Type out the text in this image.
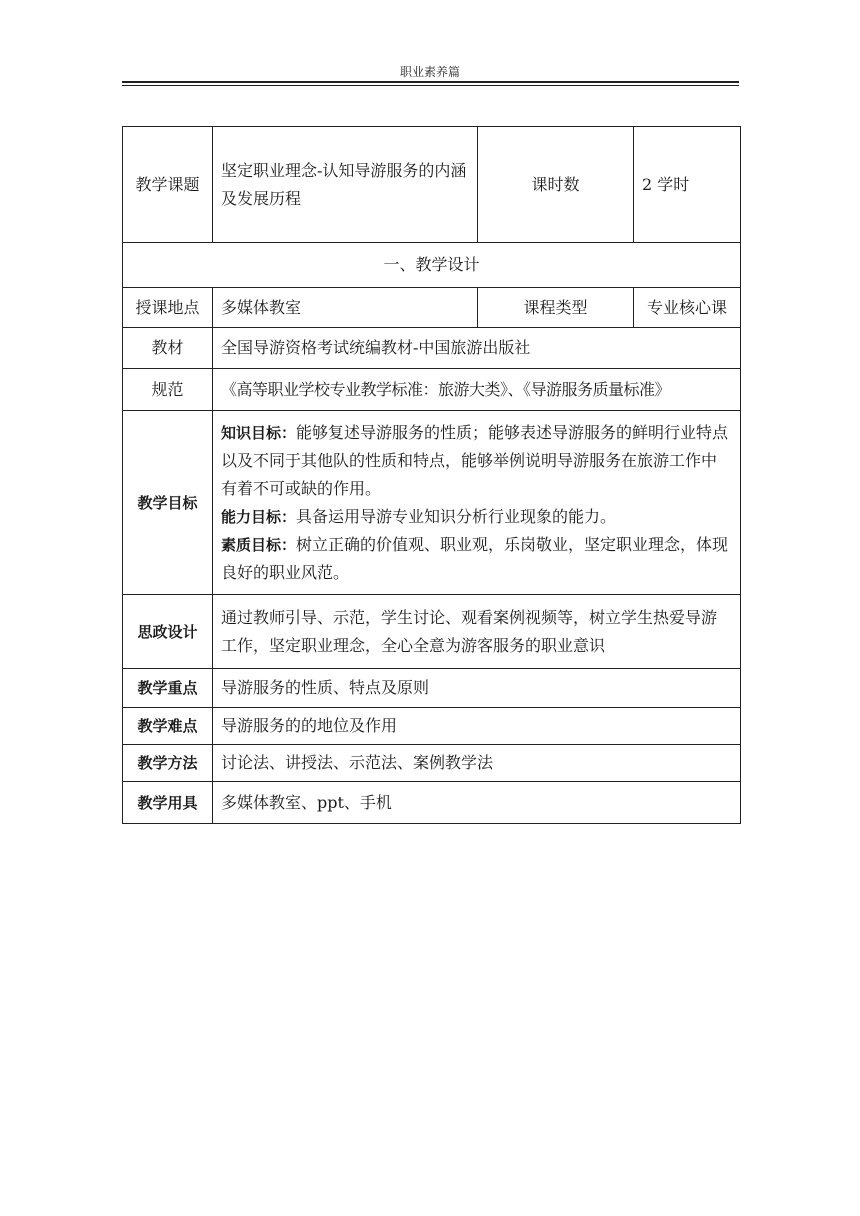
职业素养篇
教学课题	坚定职业理念-认知导游服务的内涵及发展历程	课时数	2 学时
一、教学设计			
授课地点	多媒体教室	课程类型	专业核心课
教材	全国导游资格考试统编教材-中国旅游出版社		
规范	《高等职业学校专业教学标准：旅游大类》、《导游服务质量标准》		
教学目标	知识目标：能够复述导游服务的性质；能够表述导游服务的鲜明行业特点以及不同于其他队的性质和特点，能够举例说明导游服务在旅游工作中有着不可或缺的作用。
能力目标：具备运用导游专业知识分析行业现象的能力。
素质目标：树立正确的价值观、职业观，乐岗敬业，坚定职业理念，体现良好的职业风范。		

思政设计	通过教师引导、示范，学生讨论、观看案例视频等，树立学生热爱导游工作，坚定职业理念，全心全意为游客服务的职业意识		
教学重点	导游服务的性质、特点及原则		
教学难点	导游服务的的地位及作用		
教学方法	讨论法、讲授法、示范法、案例教学法		
教学用具	多媒体教室、ppt、手机		
